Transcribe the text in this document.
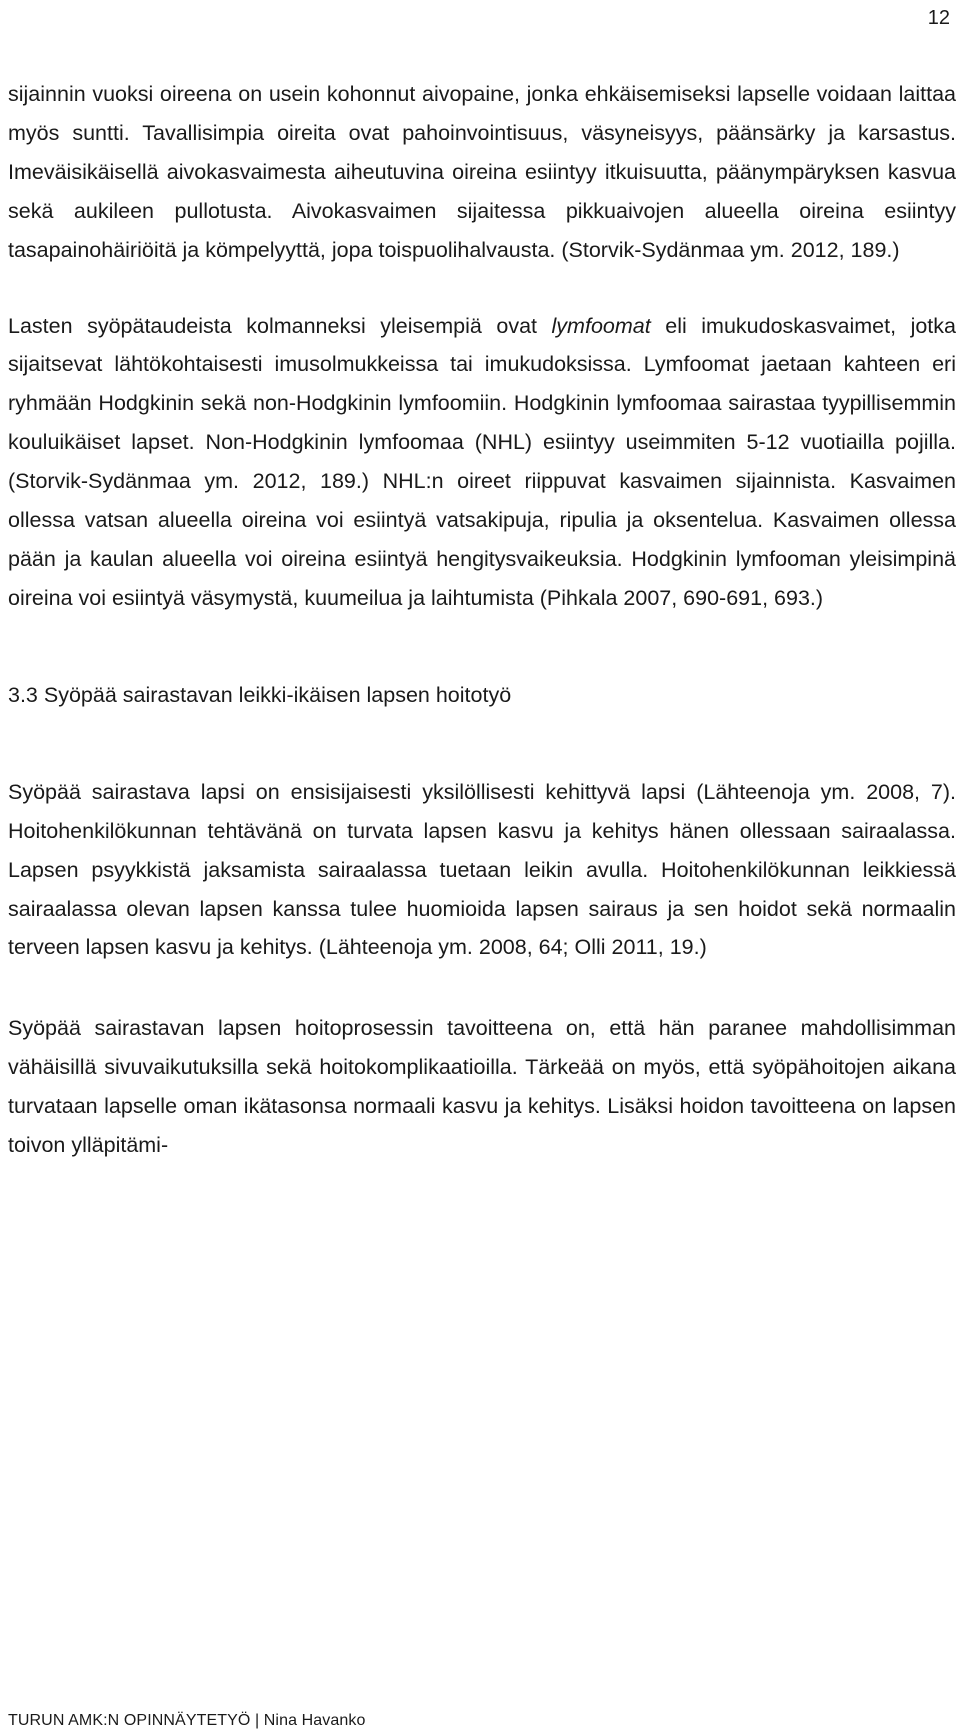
12

sijainnin vuoksi oireena on usein kohonnut aivopaine, jonka ehkäisemiseksi lapselle voidaan laittaa myös suntti. Tavallisimpia oireita ovat pahoinvointisuus, väsyneisyys, päänsärky ja karsastus. Imeväisikäisellä aivokasvaimesta aiheutuvina oireina esiintyy itkuisuutta, päänympäryksen kasvua sekä aukileen pullotusta. Aivokasvaimen sijaitessa pikkuaivojen alueella oireina esiintyy tasapainohäiriöitä ja kömpelyyttä, jopa toispuolihalvausta. (Storvik-Sydänmaa ym. 2012, 189.)

Lasten syöpätaudeista kolmanneksi yleisempiä ovat lymfoomat eli imukudoskasvaimet, jotka sijaitsevat lähtökohtaisesti imusolmukkeissa tai imukudoksissa. Lymfoomat jaetaan kahteen eri ryhmään Hodgkinin sekä non-Hodgkinin lymfoomiin. Hodgkinin lymfoomaa sairastaa tyypillisemmin kouluikäiset lapset. Non-Hodgkinin lymfoomaa (NHL) esiintyy useimmiten 5-12 vuotiailla pojilla. (Storvik-Sydänmaa ym. 2012, 189.) NHL:n oireet riippuvat kasvaimen sijainnista. Kasvaimen ollessa vatsan alueella oireina voi esiintyä vatsakipuja, ripulia ja oksentelua. Kasvaimen ollessa pään ja kaulan alueella voi oireina esiintyä hengitysvaikeuksia. Hodgkinin lymfooman yleisimpinä oireina voi esiintyä väsymystä, kuumeilua ja laihtumista (Pihkala 2007, 690-691, 693.)

3.3 Syöpää sairastavan leikki-ikäisen lapsen hoitotyö

Syöpää sairastava lapsi on ensisijaisesti yksilöllisesti kehittyvä lapsi (Lähteenoja ym. 2008, 7). Hoitohenkilökunnan tehtävänä on turvata lapsen kasvu ja kehitys hänen ollessaan sairaalassa. Lapsen psyykkistä jaksamista sairaalassa tuetaan leikin avulla. Hoitohenkilökunnan leikkiessä sairaalassa olevan lapsen kanssa tulee huomioida lapsen sairaus ja sen hoidot sekä normaalin terveen lapsen kasvu ja kehitys. (Lähteenoja ym. 2008, 64; Olli 2011, 19.)

Syöpää sairastavan lapsen hoitoprosessin tavoitteena on, että hän paranee mahdollisimman vähäisillä sivuvaikutuksilla sekä hoitokomplikaatioilla. Tärkeää on myös, että syöpähoitojen aikana turvataan lapselle oman ikätasonsa normaali kasvu ja kehitys. Lisäksi hoidon tavoitteena on lapsen toivon ylläpitämi-

TURUN AMK:N OPINNÄYTETYÖ | Nina Havanko
